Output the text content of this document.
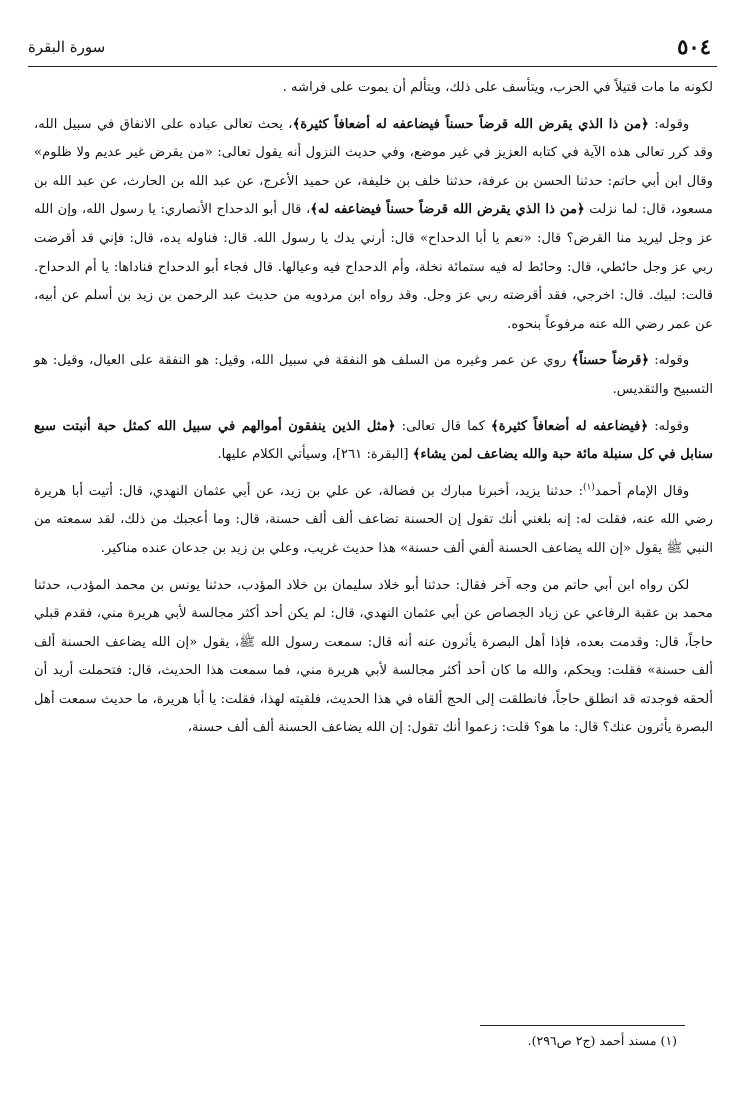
٥٠٤
سورة البقرة

لكونه ما مات قتيلاً في الحرب، ويتأسف على ذلك، ويتألم أن يموت على فراشه .

وقوله: ﴿من ذا الذي يقرض الله قرضاً حسناً فيضاعفه له أضعافاً كثيرة﴾، يحث تعالى عباده على الانفاق في سبيل الله، وقد كرر تعالى هذه الآية في كتابه العزيز في غير موضع، وفي حديث النزول أنه يقول تعالى: «من يقرض غير عديم ولا ظلوم» وقال ابن أبي حاتم: حدثنا الحسن بن عرفة، حدثنا خلف بن خليفة، عن حميد الأعرج، عن عبد الله بن الحارث، عن عبد الله بن مسعود، قال: لما نزلت ﴿من ذا الذي يقرض الله قرضاً حسناً فيضاعفه له﴾، قال أبو الدحداح الأنصاري: يا رسول الله، وإن الله عز وجل ليريد منا القرض؟ قال: «نعم يا أبا الدحداح» قال: أرني يدك يا رسول الله. قال: فناوله يده، قال: فإني قد أقرضت ربي عز وجل حائطي، قال: وحائط له فيه ستمائة نخلة، وأم الدحداح فيه وعيالها. قال فجاء أبو الدحداح فناداها: يا أم الدحداح. قالت: لبيك. قال: اخرجي، فقد أقرضته ربي عز وجل. وقد رواه ابن مردويه من حديث عبد الرحمن بن زيد بن أسلم عن أبيه، عن عمر رضي الله عنه مرفوعاً بنحوه.

وقوله: ﴿قرضاً حسناً﴾ روي عن عمر وغيره من السلف هو النفقة في سبيل الله، وقيل: هو النفقة على العيال، وقيل: هو التسبيح والتقديس.

وقوله: ﴿فيضاعفه له أضعافاً كثيرة﴾ كما قال تعالى: ﴿مثل الذين ينفقون أموالهم في سبيل الله كمثل حبة أنبتت سبع سنابل في كل سنبلة مائة حبة والله يضاعف لمن يشاء﴾ [البقرة: ٢٦١]، وسيأتي الكلام عليها.

وقال الإمام أحمد$^{(١)}$: حدثنا يزيد، أخبرنا مبارك بن فضالة، عن علي بن زيد، عن أبي عثمان النهدي، قال: أتيت أبا هريرة رضي الله عنه، فقلت له: إنه بلغني أنك تقول إن الحسنة تضاعف ألف ألف حسنة، قال: وما أعجبك من ذلك، لقد سمعته من النبي ﷺ يقول «إن الله يضاعف الحسنة ألفي ألف حسنة» هذا حديث غريب، وعلي بن زيد بن جدعان عنده مناكير.

لكن رواه ابن أبي حاتم من وجه آخر فقال: حدثنا أبو خلاد سليمان بن خلاد المؤدب، حدثنا يونس بن محمد المؤدب، حدثنا محمد بن عقبة الرفاعي عن زياد الجصاص عن أبي عثمان النهدي، قال: لم يكن أحد أكثر مجالسة لأبي هريرة مني، فقدم قبلي حاجاً، قال: وقدمت بعده، فإذا أهل البصرة يأثرون عنه أنه قال: سمعت رسول الله ﷺ، يقول «إن الله يضاعف الحسنة ألف ألف حسنة» فقلت: ويحكم، والله ما كان أحد أكثر مجالسة لأبي هريرة مني، فما سمعت هذا الحديث، قال: فتحملت أريد أن ألحقه فوجدته قد انطلق حاجاً، فانطلقت إلى الحج ألقاه في هذا الحديث، فلقيته لهذا، فقلت: يا أبا هريرة، ما حديث سمعت أهل البصرة يأثرون عنك؟ قال: ما هو؟ قلت: زعموا أنك تقول: إن الله يضاعف الحسنة ألف ألف حسنة،

(١) مسند أحمد (ج٢ ص٢٩٦).
